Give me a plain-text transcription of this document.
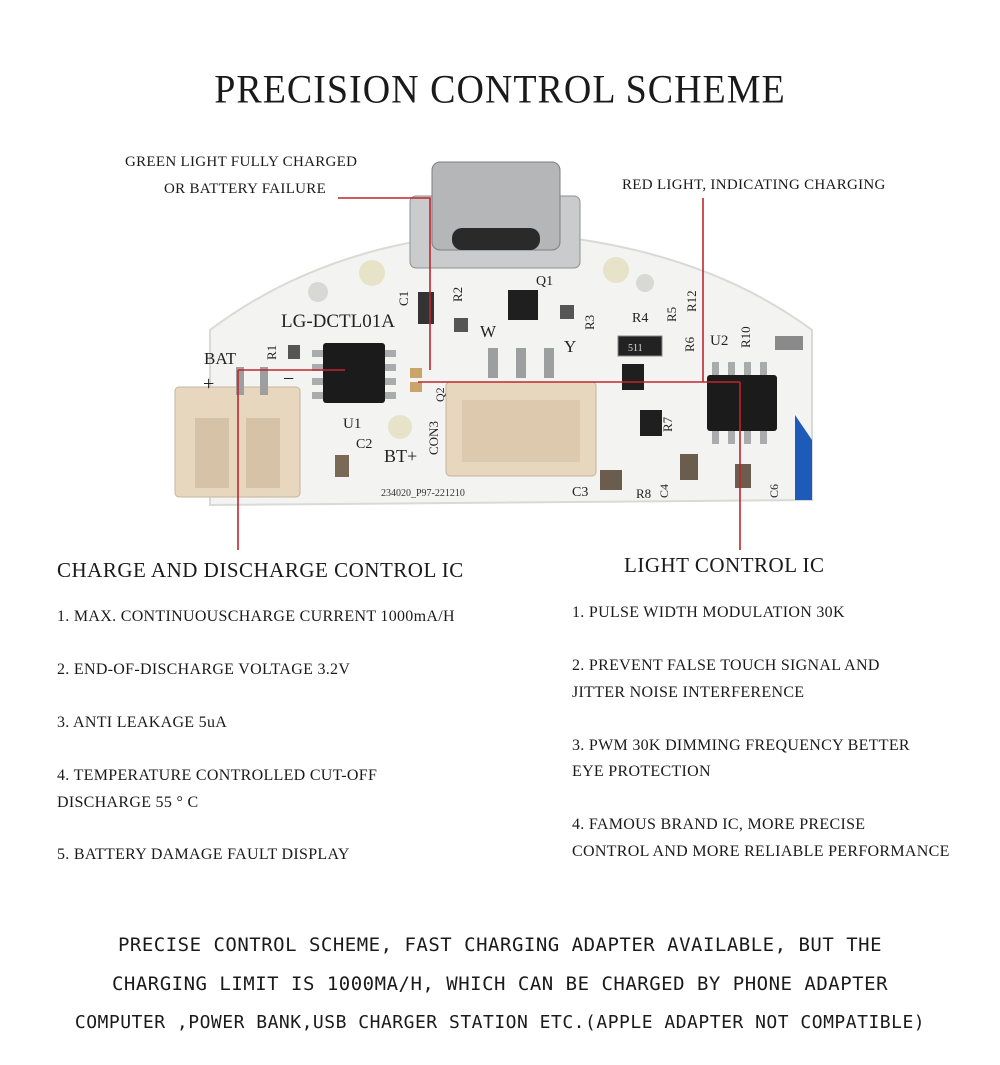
PRECISION CONTROL SCHEME
GREEN LIGHT FULLY CHARGED
OR BATTERY FAILURE	RED LIGHT, INDICATING CHARGING
LG-DCTL01A
BAT
+	−
234020_P97-221210
BT+
U1
U2
W
Y
Q1
R4
511
C2
C3	R8
CON3
C1	R2
R1
R3
R5
R12
R6
R7
R10
Q2
C4	C6
CHARGE AND DISCHARGE CONTROL IC
1. MAX. CONTINUOUSCHARGE CURRENT 1000mA/H
2. END-OF-DISCHARGE VOLTAGE 3.2V
3. ANTI LEAKAGE 5uA
4. TEMPERATURE CONTROLLED CUT-OFF
DISCHARGE 55 ° C
5. BATTERY DAMAGE FAULT DISPLAY
LIGHT CONTROL IC
1. PULSE WIDTH MODULATION 30K
2. PREVENT FALSE TOUCH SIGNAL AND
JITTER NOISE INTERFERENCE
3. PWM 30K DIMMING FREQUENCY BETTER
EYE PROTECTION
4. FAMOUS BRAND IC, MORE PRECISE
CONTROL AND MORE RELIABLE PERFORMANCE
PRECISE CONTROL SCHEME, FAST CHARGING ADAPTER AVAILABLE, BUT THE
CHARGING LIMIT IS 1000MA/H, WHICH CAN BE CHARGED BY PHONE ADAPTER
COMPUTER ,POWER BANK,USB CHARGER STATION ETC.(APPLE ADAPTER NOT COMPATIBLE)
